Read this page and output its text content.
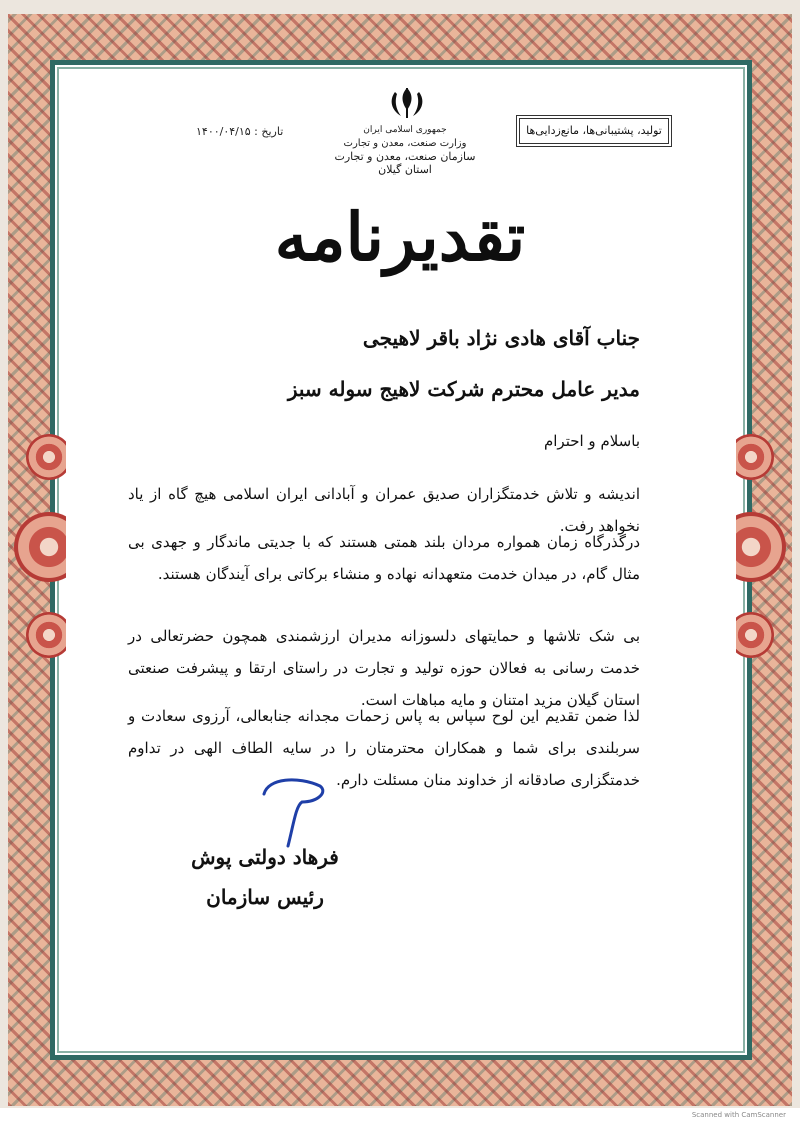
جمهوری اسلامی ایران
وزارت صنعت، معدن و تجارت
سازمان صنعت، معدن و تجارت استان گیلان
تاریخ : ۱۴۰۰/۰۴/۱۵	تولید، پشتیبانی‌ها، مانع‌زدایی‌ها
تقدیرنامه
جناب آقای هادی نژاد باقر لاهیجی
مدیر عامل محترم شرکت لاهیج سوله سبز
باسلام و احترام
اندیشه و تلاش خدمتگزاران صدیق عمران و آبادانی ایران اسلامی هیچ گاه از یاد نخواهد رفت.
درگذرگاه زمان همواره مردان بلند همتی هستند که با جدیتی ماندگار و جهدی بی مثال گام، در میدان خدمت متعهدانه نهاده و منشاء برکاتی برای آیندگان هستند.
بی شک تلاشها و حمایتهای دلسوزانه مدیران ارزشمندی همچون حضرتعالی در خدمت رسانی به فعالان حوزه تولید و تجارت در راستای ارتقا و پیشرفت صنعتی استان گیلان مزید امتنان و مایه مباهات است.
لذا ضمن تقدیم این لوح سپاس به پاس زحمات مجدانه جنابعالی، آرزوی سعادت و سربلندی برای شما و همکاران محترمتان را در سایه الطاف الهی در تداوم خدمتگزاری صادقانه از خداوند منان مسئلت دارم.
فرهاد دولتی پوش
رئیس سازمان
Scanned with CamScanner
